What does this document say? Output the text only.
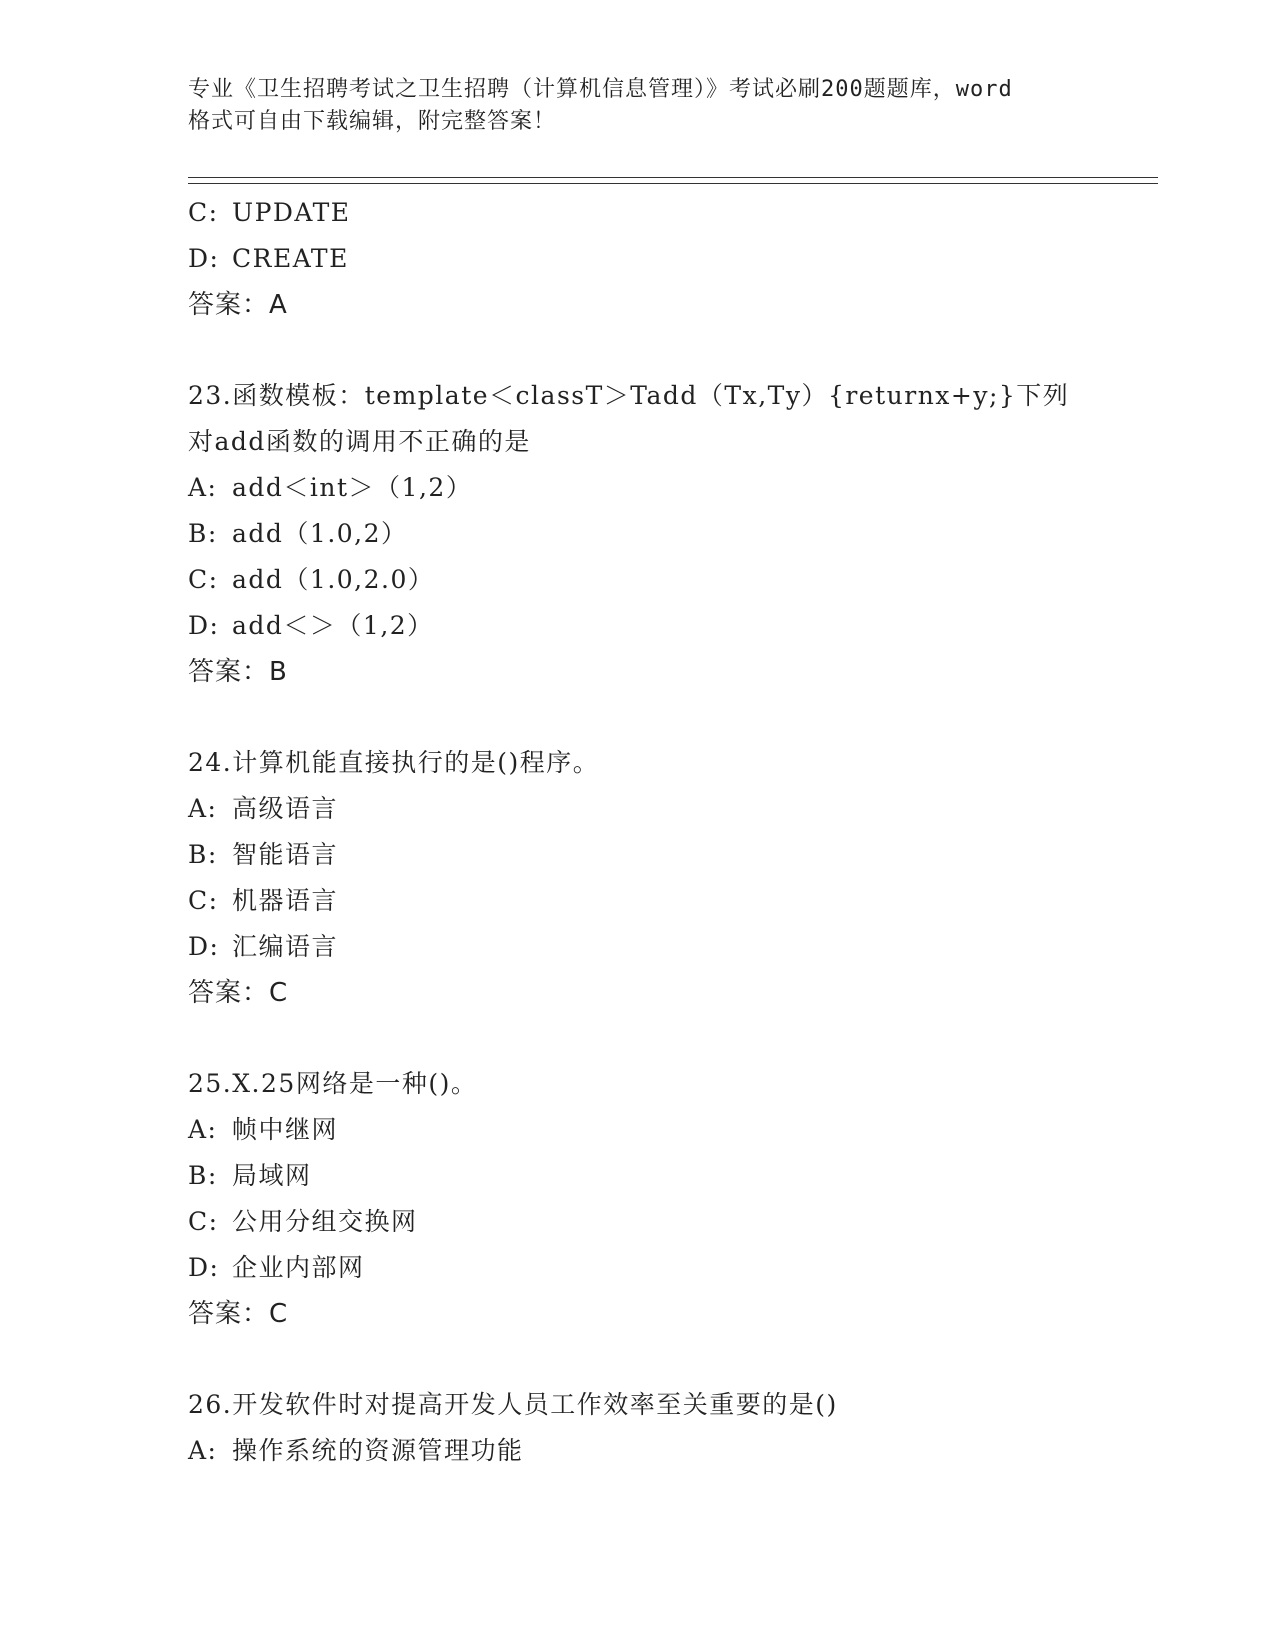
专业《卫生招聘考试之卫生招聘（计算机信息管理）》考试必刷200题题库，word
格式可自由下载编辑，附完整答案！
C: UPDATE
D: CREATE
答案：A
23.函数模板：template＜classT＞Tadd（Tx,Ty）{returnx+y;}下列
对add函数的调用不正确的是
A: add＜int＞（1,2）
B: add（1.0,2）
C: add（1.0,2.0）
D: add＜＞（1,2）
答案：B
24.计算机能直接执行的是()程序。
A: 高级语言
B: 智能语言
C: 机器语言
D: 汇编语言
答案：C
25.X.25网络是一种()。
A: 帧中继网
B: 局域网
C: 公用分组交换网
D: 企业内部网
答案：C
26.开发软件时对提高开发人员工作效率至关重要的是()
A: 操作系统的资源管理功能
